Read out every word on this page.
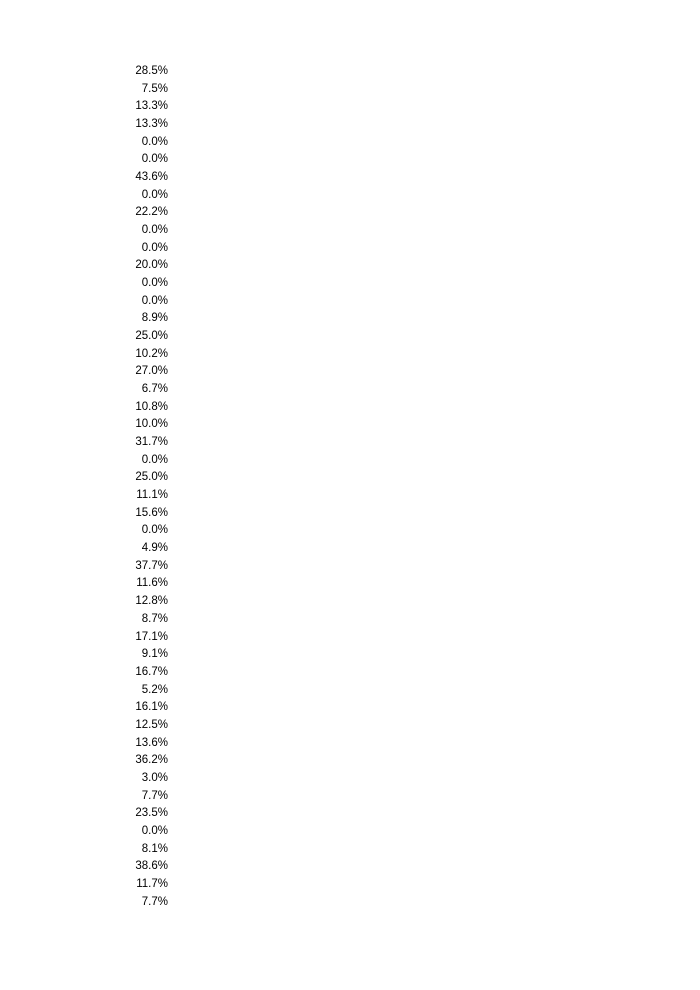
28.5%
7.5%
13.3%
13.3%
0.0%
0.0%
43.6%
0.0%
22.2%
0.0%
0.0%
20.0%
0.0%
0.0%
8.9%
25.0%
10.2%
27.0%
6.7%
10.8%
10.0%
31.7%
0.0%
25.0%
11.1%
15.6%
0.0%
4.9%
37.7%
11.6%
12.8%
8.7%
17.1%
9.1%
16.7%
5.2%
16.1%
12.5%
13.6%
36.2%
3.0%
7.7%
23.5%
0.0%
8.1%
38.6%
11.7%
7.7%
